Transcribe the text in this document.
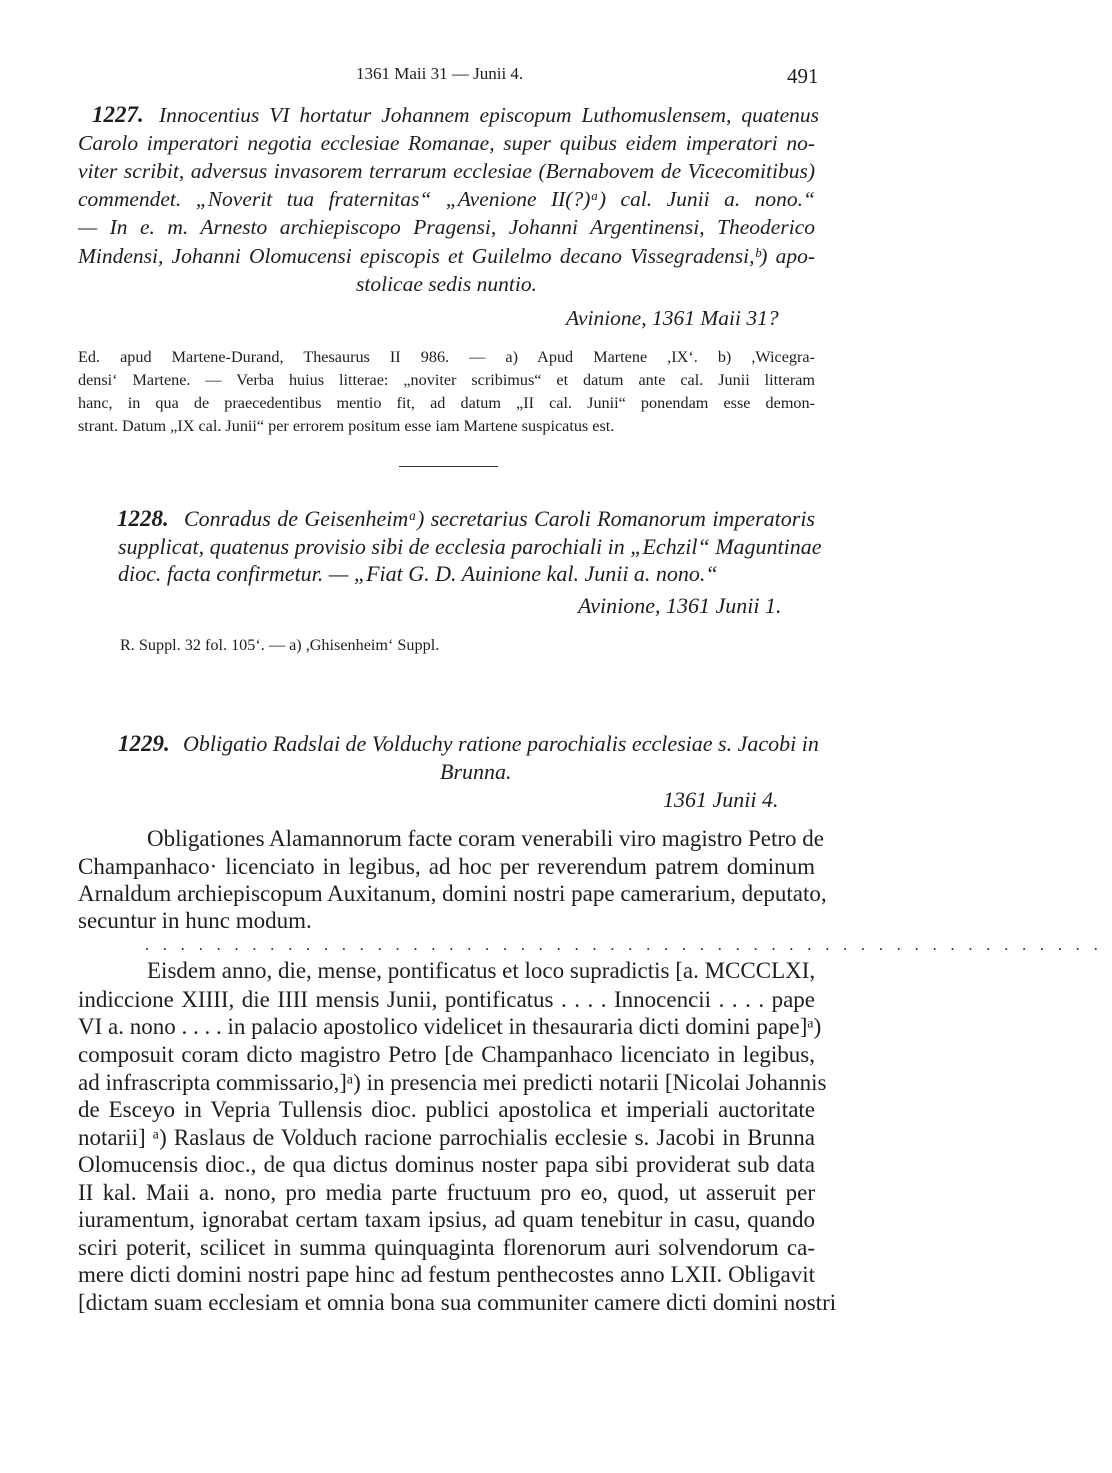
1361 Maii 31 — Junii 4.	491
1227. Innocentius VI hortatur Johannem episcopum Luthomuslensem, quatenus
Carolo imperatori negotia ecclesiae Romanae, super quibus eidem imperatori no-
viter scribit, adversus invasorem terrarum ecclesiae (Bernabovem de Vicecomitibus)
commendet. „Noverit tua fraternitas“ „Avenione II(?)ᵃ) cal. Junii a. nono.“
— In e. m. Arnesto archiepiscopo Pragensi, Johanni Argentinensi, Theoderico
Mindensi, Johanni Olomucensi episcopis et Guilelmo decano Vissegradensi,ᵇ) apo-
stolicae sedis nuntio.
Avinione, 1361 Maii 31?
Ed. apud Martene-Durand, Thesaurus II 986. — a) Apud Martene ,IX‘. b) ,Wicegra-
densi‘ Martene. — Verba huius litterae: „noviter scribimus“ et datum ante cal. Junii litteram
hanc, in qua de praecedentibus mentio fit, ad datum „II cal. Junii“ ponendam esse demon-
strant. Datum „IX cal. Junii“ per errorem positum esse iam Martene suspicatus est.
1228. Conradus de Geisenheimᵃ) secretarius Caroli Romanorum imperatoris
supplicat, quatenus provisio sibi de ecclesia parochiali in „Echzil“ Maguntinae
dioc. facta confirmetur. — „Fiat G. D. Auinione kal. Junii a. nono.“
Avinione, 1361 Junii 1.
R. Suppl. 32 fol. 105‘. — a) ,Ghisenheim‘ Suppl.
1229. Obligatio Radslai de Volduchy ratione parochialis ecclesiae s. Jacobi in
Brunna.
1361 Junii 4.
Obligationes Alamannorum facte coram venerabili viro magistro Petro de
Champanhaco· licenciato in legibus, ad hoc per reverendum patrem dominum
Arnaldum archiepiscopum Auxitanum, domini nostri pape camerarium, deputato,
secuntur in hunc modum.
......................................................
Eisdem anno, die, mense, pontificatus et loco supradictis [a. MCCCLXI,
indiccione XIIII, die IIII mensis Junii, pontificatus . . . . Innocencii . . . . pape
VI a. nono . . . . in palacio apostolico videlicet in thesauraria dicti domini pape]ᵃ)
composuit coram dicto magistro Petro [de Champanhaco licenciato in legibus,
ad infrascripta commissario,]ᵃ) in presencia mei predicti notarii [Nicolai Johannis
de Esceyo in Vepria Tullensis dioc. publici apostolica et imperiali auctoritate
notarii] ᵃ) Raslaus de Volduch racione parrochialis ecclesie s. Jacobi in Brunna
Olomucensis dioc., de qua dictus dominus noster papa sibi providerat sub data
II kal. Maii a. nono, pro media parte fructuum pro eo, quod, ut asseruit per
iuramentum, ignorabat certam taxam ipsius, ad quam tenebitur in casu, quando
sciri poterit, scilicet in summa quinquaginta florenorum auri solvendorum ca-
mere dicti domini nostri pape hinc ad festum penthecostes anno LXII. Obligavit
[dictam suam ecclesiam et omnia bona sua communiter camere dicti domini nostri
